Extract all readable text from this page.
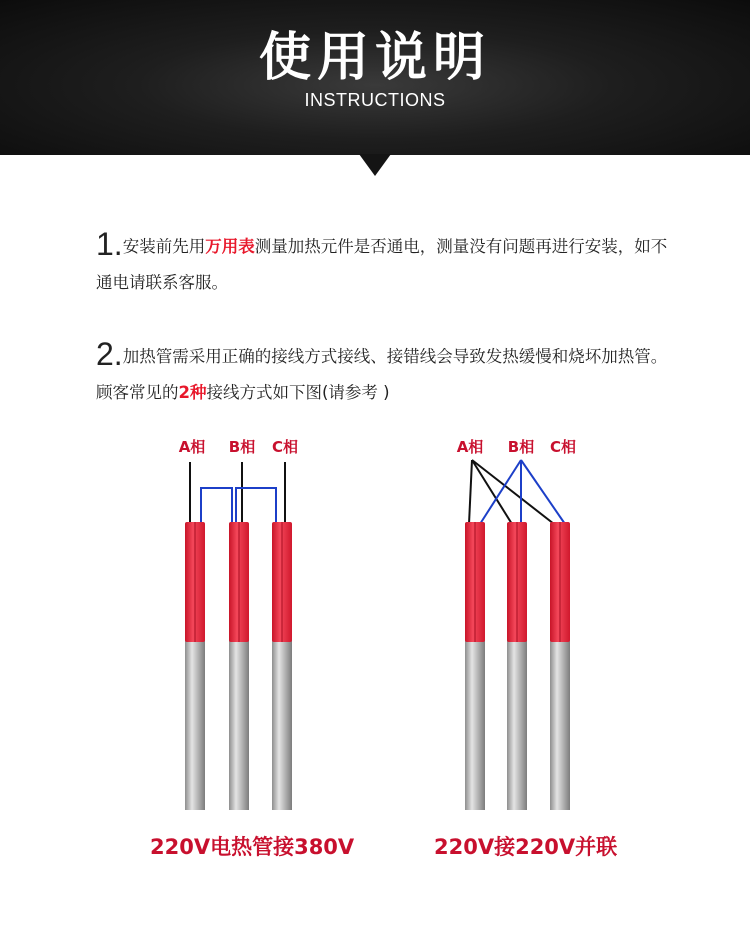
使用说明
INSTRUCTIONS
1.安装前先用万用表测量加热元件是否通电，测量没有问题再进行安装，如不通电请联系客服。
2.加热管需采用正确的接线方式接线、接错线会导致发热缓慢和烧坏加热管。顾客常见的2种接线方式如下图(请参考 )
A相 B相 C相	A相 B相 C相
220V电热管接380V	220V接220V并联
